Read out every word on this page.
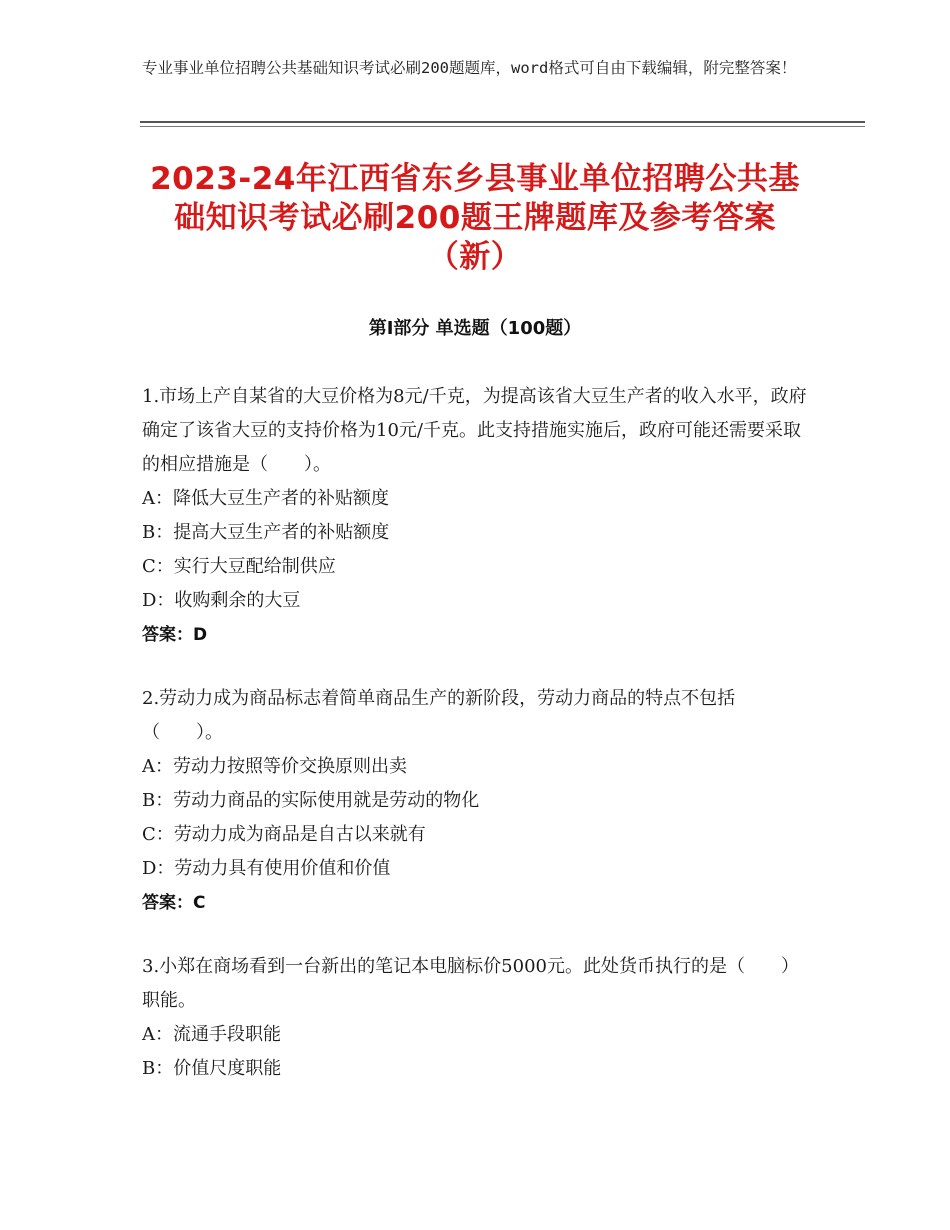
专业事业单位招聘公共基础知识考试必刷200题题库，word格式可自由下载编辑，附完整答案！
2023-24年江西省东乡县事业单位招聘公共基础知识考试必刷200题王牌题库及参考答案（新）
第Ⅰ部分 单选题（100题）

1.市场上产自某省的大豆价格为8元/千克，为提高该省大豆生产者的收入水平，政府确定了该省大豆的支持价格为10元/千克。此支持措施实施后，政府可能还需要采取的相应措施是（　　）。

A：降低大豆生产者的补贴额度

B：提高大豆生产者的补贴额度

C：实行大豆配给制供应

D：收购剩余的大豆

答案：D

2.劳动力成为商品标志着简单商品生产的新阶段，劳动力商品的特点不包括（　　）。

A：劳动力按照等价交换原则出卖

B：劳动力商品的实际使用就是劳动的物化

C：劳动力成为商品是自古以来就有

D：劳动力具有使用价值和价值

答案：C

3.小郑在商场看到一台新出的笔记本电脑标价5000元。此处货币执行的是（　　）职能。

A：流通手段职能

B：价值尺度职能
